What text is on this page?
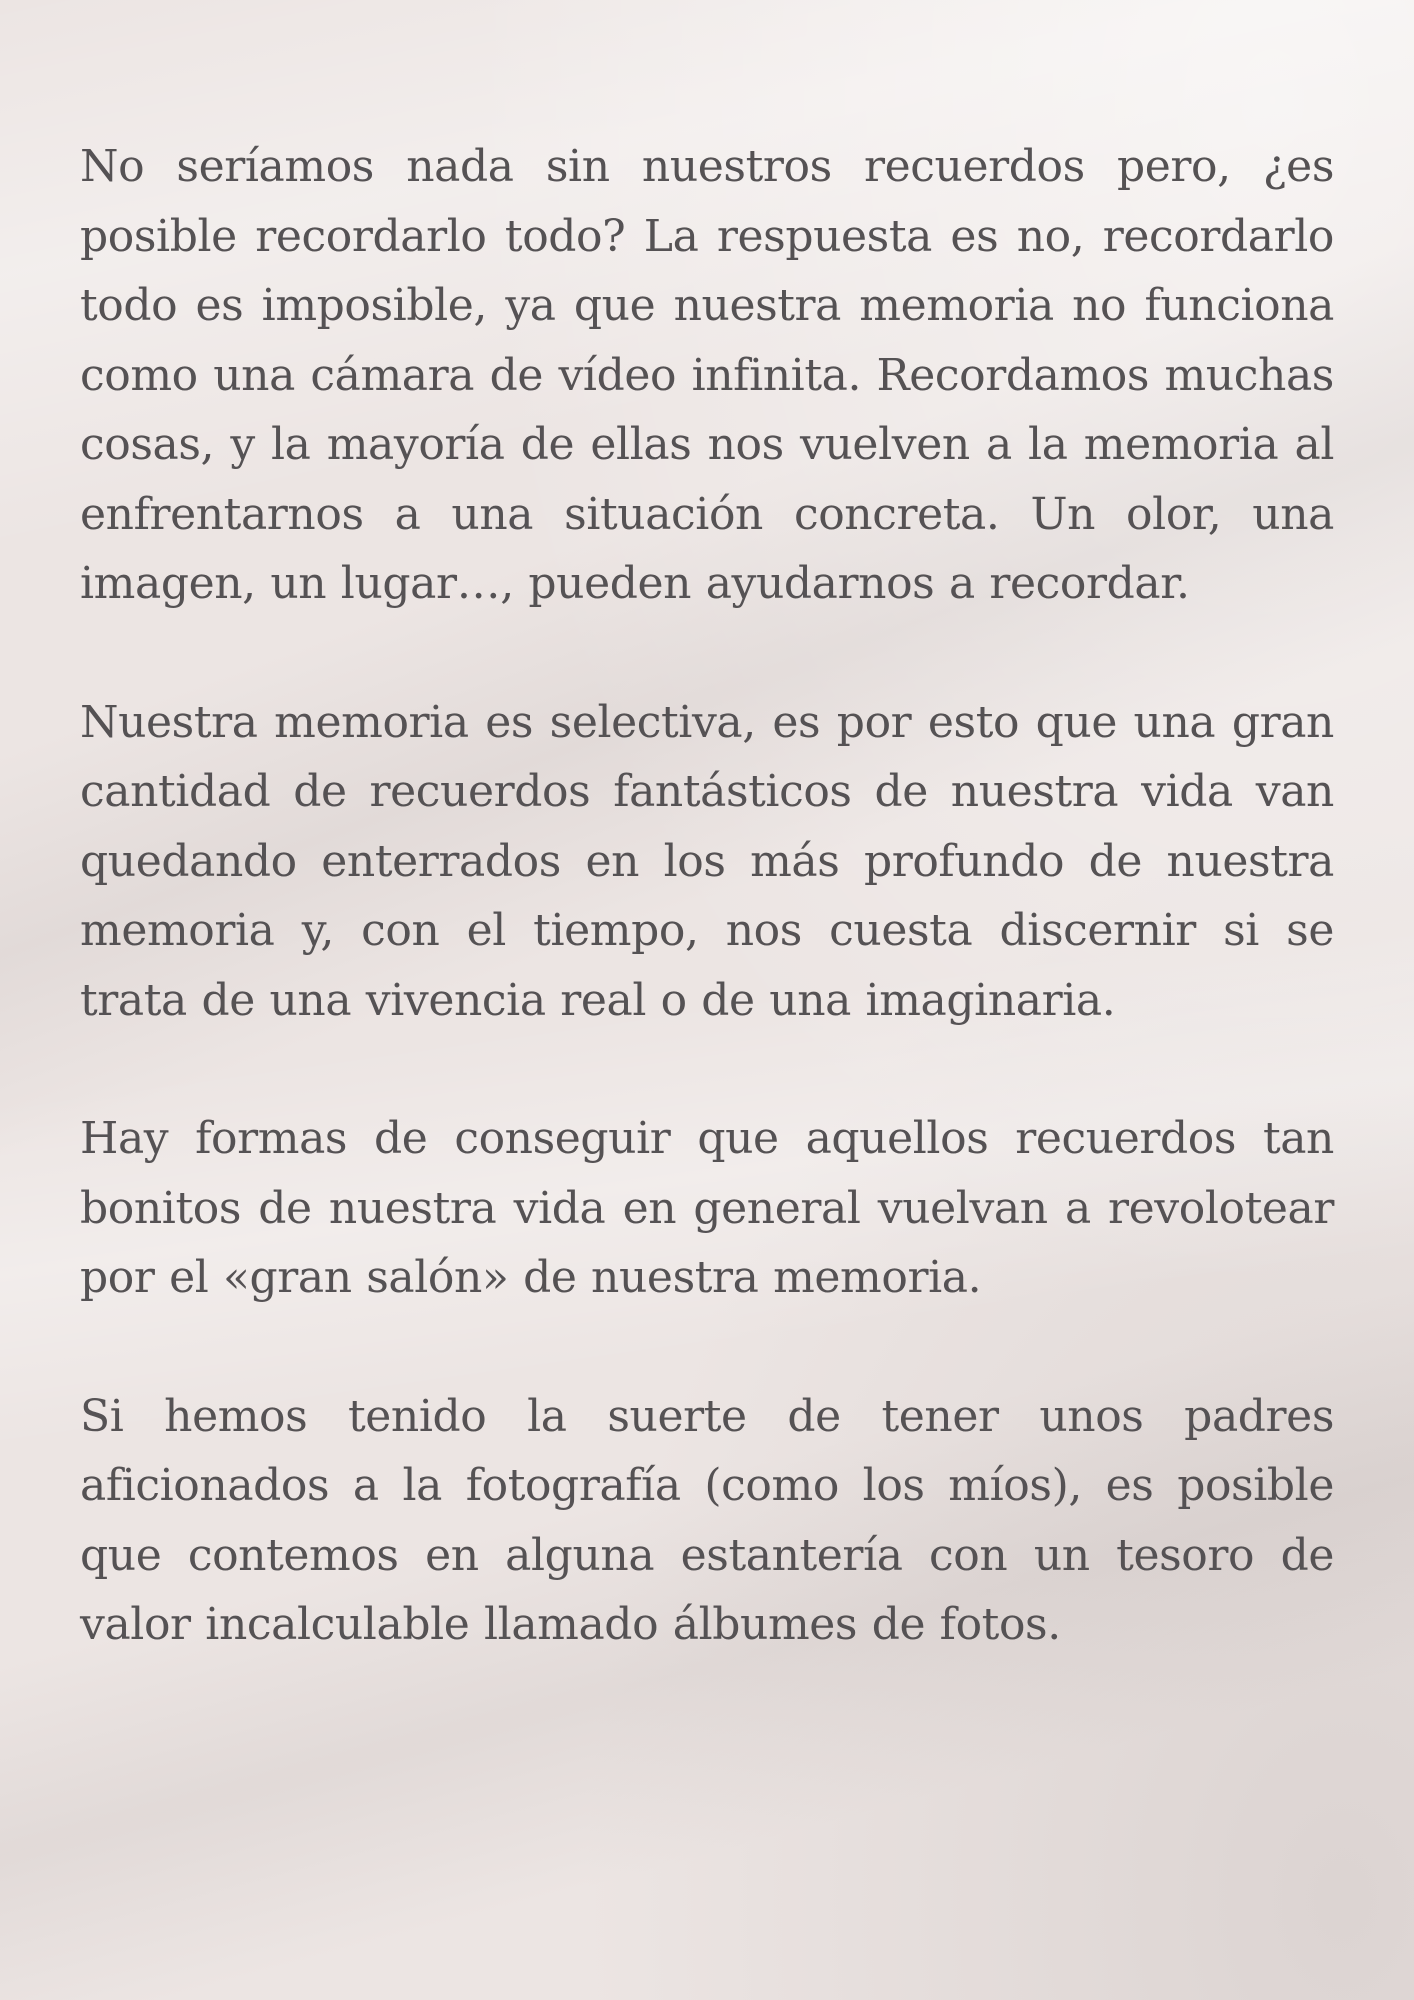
No seríamos nada sin nuestros recuerdos pero, ¿es posible recordarlo todo? La respuesta es no, recordarlo todo es imposible, ya que nuestra memoria no funciona como una cámara de vídeo infinita. Recordamos muchas cosas, y la mayoría de ellas nos vuelven a la memoria al enfrentarnos a una situación concreta. Un olor, una imagen, un lugar…, pueden ayudarnos a recordar.

Nuestra memoria es selectiva, es por esto que una gran cantidad de recuerdos fantásticos de nuestra vida van quedando enterrados en los más profundo de nuestra memoria y, con el tiempo, nos cuesta discernir si se trata de una vivencia real o de una imaginaria.

Hay formas de conseguir que aquellos recuerdos tan bonitos de nuestra vida en general vuelvan a revolotear por el «gran salón» de nuestra memoria.

Si hemos tenido la suerte de tener unos padres aficionados a la fotografía (como los míos), es posible que contemos en alguna estantería con un tesoro de valor incalculable llamado álbumes de fotos.
